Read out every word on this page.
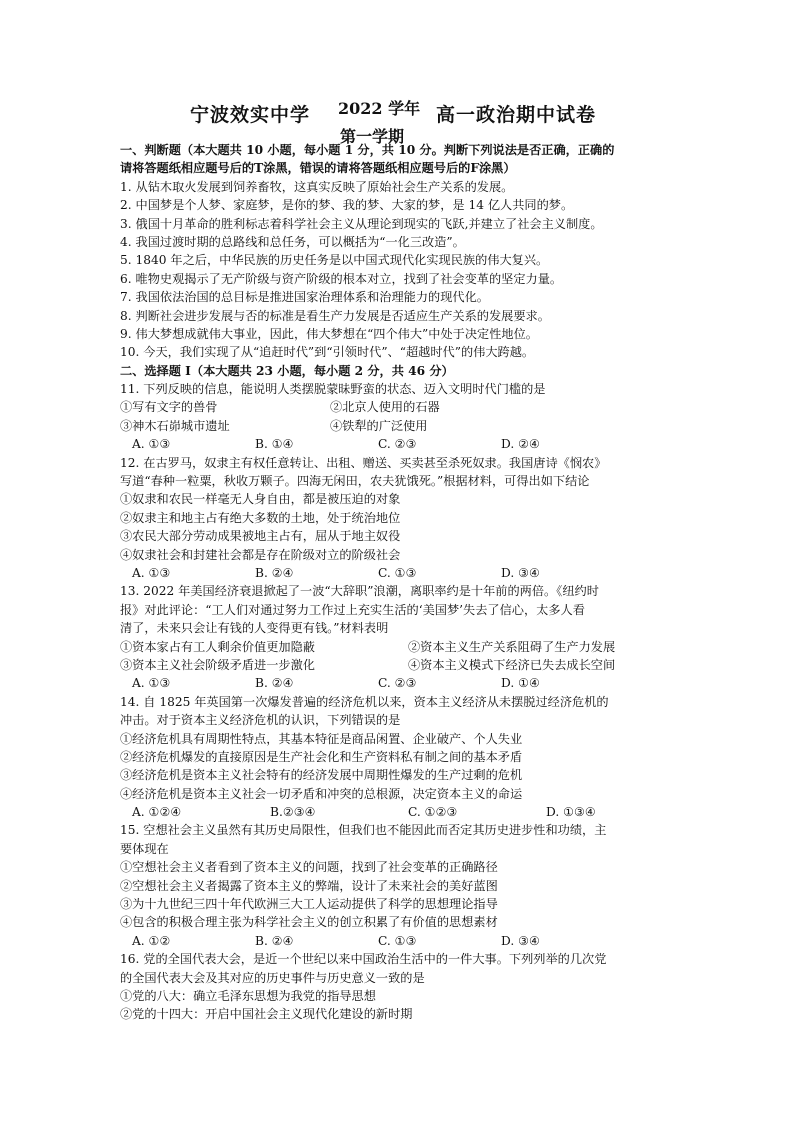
宁波效实中学 2022 学年 高一政治期中试卷
第一学期
一、判断题（本大题共 10 小题，每小题 1 分，共 10 分。判断下列说法是否正确，正确的
请将答题纸相应题号后的T涂黑，错误的请将答题纸相应题号后的F涂黑）
1. 从钻木取火发展到饲养畜牧，这真实反映了原始社会生产关系的发展。
2. 中国梦是个人梦、家庭梦，是你的梦、我的梦、大家的梦，是 14 亿人共同的梦。
3. 俄国十月革命的胜利标志着科学社会主义从理论到现实的飞跃,并建立了社会主义制度。
4. 我国过渡时期的总路线和总任务，可以概括为“一化三改造”。
5. 1840 年之后，中华民族的历史任务是以中国式现代化实现民族的伟大复兴。
6. 唯物史观揭示了无产阶级与资产阶级的根本对立，找到了社会变革的坚定力量。
7. 我国依法治国的总目标是推进国家治理体系和治理能力的现代化。
8. 判断社会进步发展与否的标准是看生产力发展是否适应生产关系的发展要求。
9. 伟大梦想成就伟大事业，因此，伟大梦想在“四个伟大”中处于决定性地位。
10. 今天，我们实现了从“追赶时代”到“引领时代”、“超越时代”的伟大跨越。
二、选择题 I（本大题共 23 小题，每小题 2 分，共 46 分）
11. 下列反映的信息，能说明人类摆脱蒙昧野蛮的状态、迈入文明时代门槛的是
①写有文字的兽骨	②北京人使用的石器
③神木石峁城市遗址	④铁犁的广泛使用
A. ①③	B. ①④	C. ②③	D. ②④
12. 在古罗马，奴隶主有权任意转让、出租、赠送、买卖甚至杀死奴隶。我国唐诗《悯农》
写道“春种一粒粟，秋收万颗子。四海无闲田，农夫犹饿死。”根据材料，可得出如下结论
①奴隶和农民一样毫无人身自由，都是被压迫的对象
②奴隶主和地主占有绝大多数的土地，处于统治地位
③农民大部分劳动成果被地主占有，屈从于地主奴役
④奴隶社会和封建社会都是存在阶级对立的阶级社会
A. ①③	B. ②④	C. ①③	D. ③④
13. 2022 年美国经济衰退掀起了一波“大辞职”浪潮，离职率约是十年前的两倍。《纽约时
报》对此评论：“工人们对通过努力工作过上充实生活的‘美国梦’失去了信心，太多人看
清了，未来只会让有钱的人变得更有钱。”材料表明
①资本家占有工人剩余价值更加隐蔽	②资本主义生产关系阻碍了生产力发展
③资本主义社会阶级矛盾进一步激化	④资本主义模式下经济已失去成长空间
A. ①③	B. ②④	C. ②③	D. ①④
14. 自 1825 年英国第一次爆发普遍的经济危机以来，资本主义经济从未摆脱过经济危机的
冲击。对于资本主义经济危机的认识，下列错误的是
①经济危机具有周期性特点，其基本特征是商品闲置、企业破产、个人失业
②经济危机爆发的直接原因是生产社会化和生产资料私有制之间的基本矛盾
③经济危机是资本主义社会特有的经济发展中周期性爆发的生产过剩的危机
④经济危机是资本主义社会一切矛盾和冲突的总根源，决定资本主义的命运
A. ①②④	B.②③④	C. ①②③	D. ①③④
15. 空想社会主义虽然有其历史局限性，但我们也不能因此而否定其历史进步性和功绩，主
要体现在
①空想社会主义者看到了资本主义的问题，找到了社会变革的正确路径
②空想社会主义者揭露了资本主义的弊端，设计了未来社会的美好蓝图
③为十九世纪三四十年代欧洲三大工人运动提供了科学的思想理论指导
④包含的积极合理主张为科学社会主义的创立积累了有价值的思想素材
A. ①②	B. ②④	C. ①③	D. ③④
16. 党的全国代表大会，是近一个世纪以来中国政治生活中的一件大事。下列列举的几次党
的全国代表大会及其对应的历史事件与历史意义一致的是
①党的八大：确立毛泽东思想为我党的指导思想
②党的十四大：开启中国社会主义现代化建设的新时期
